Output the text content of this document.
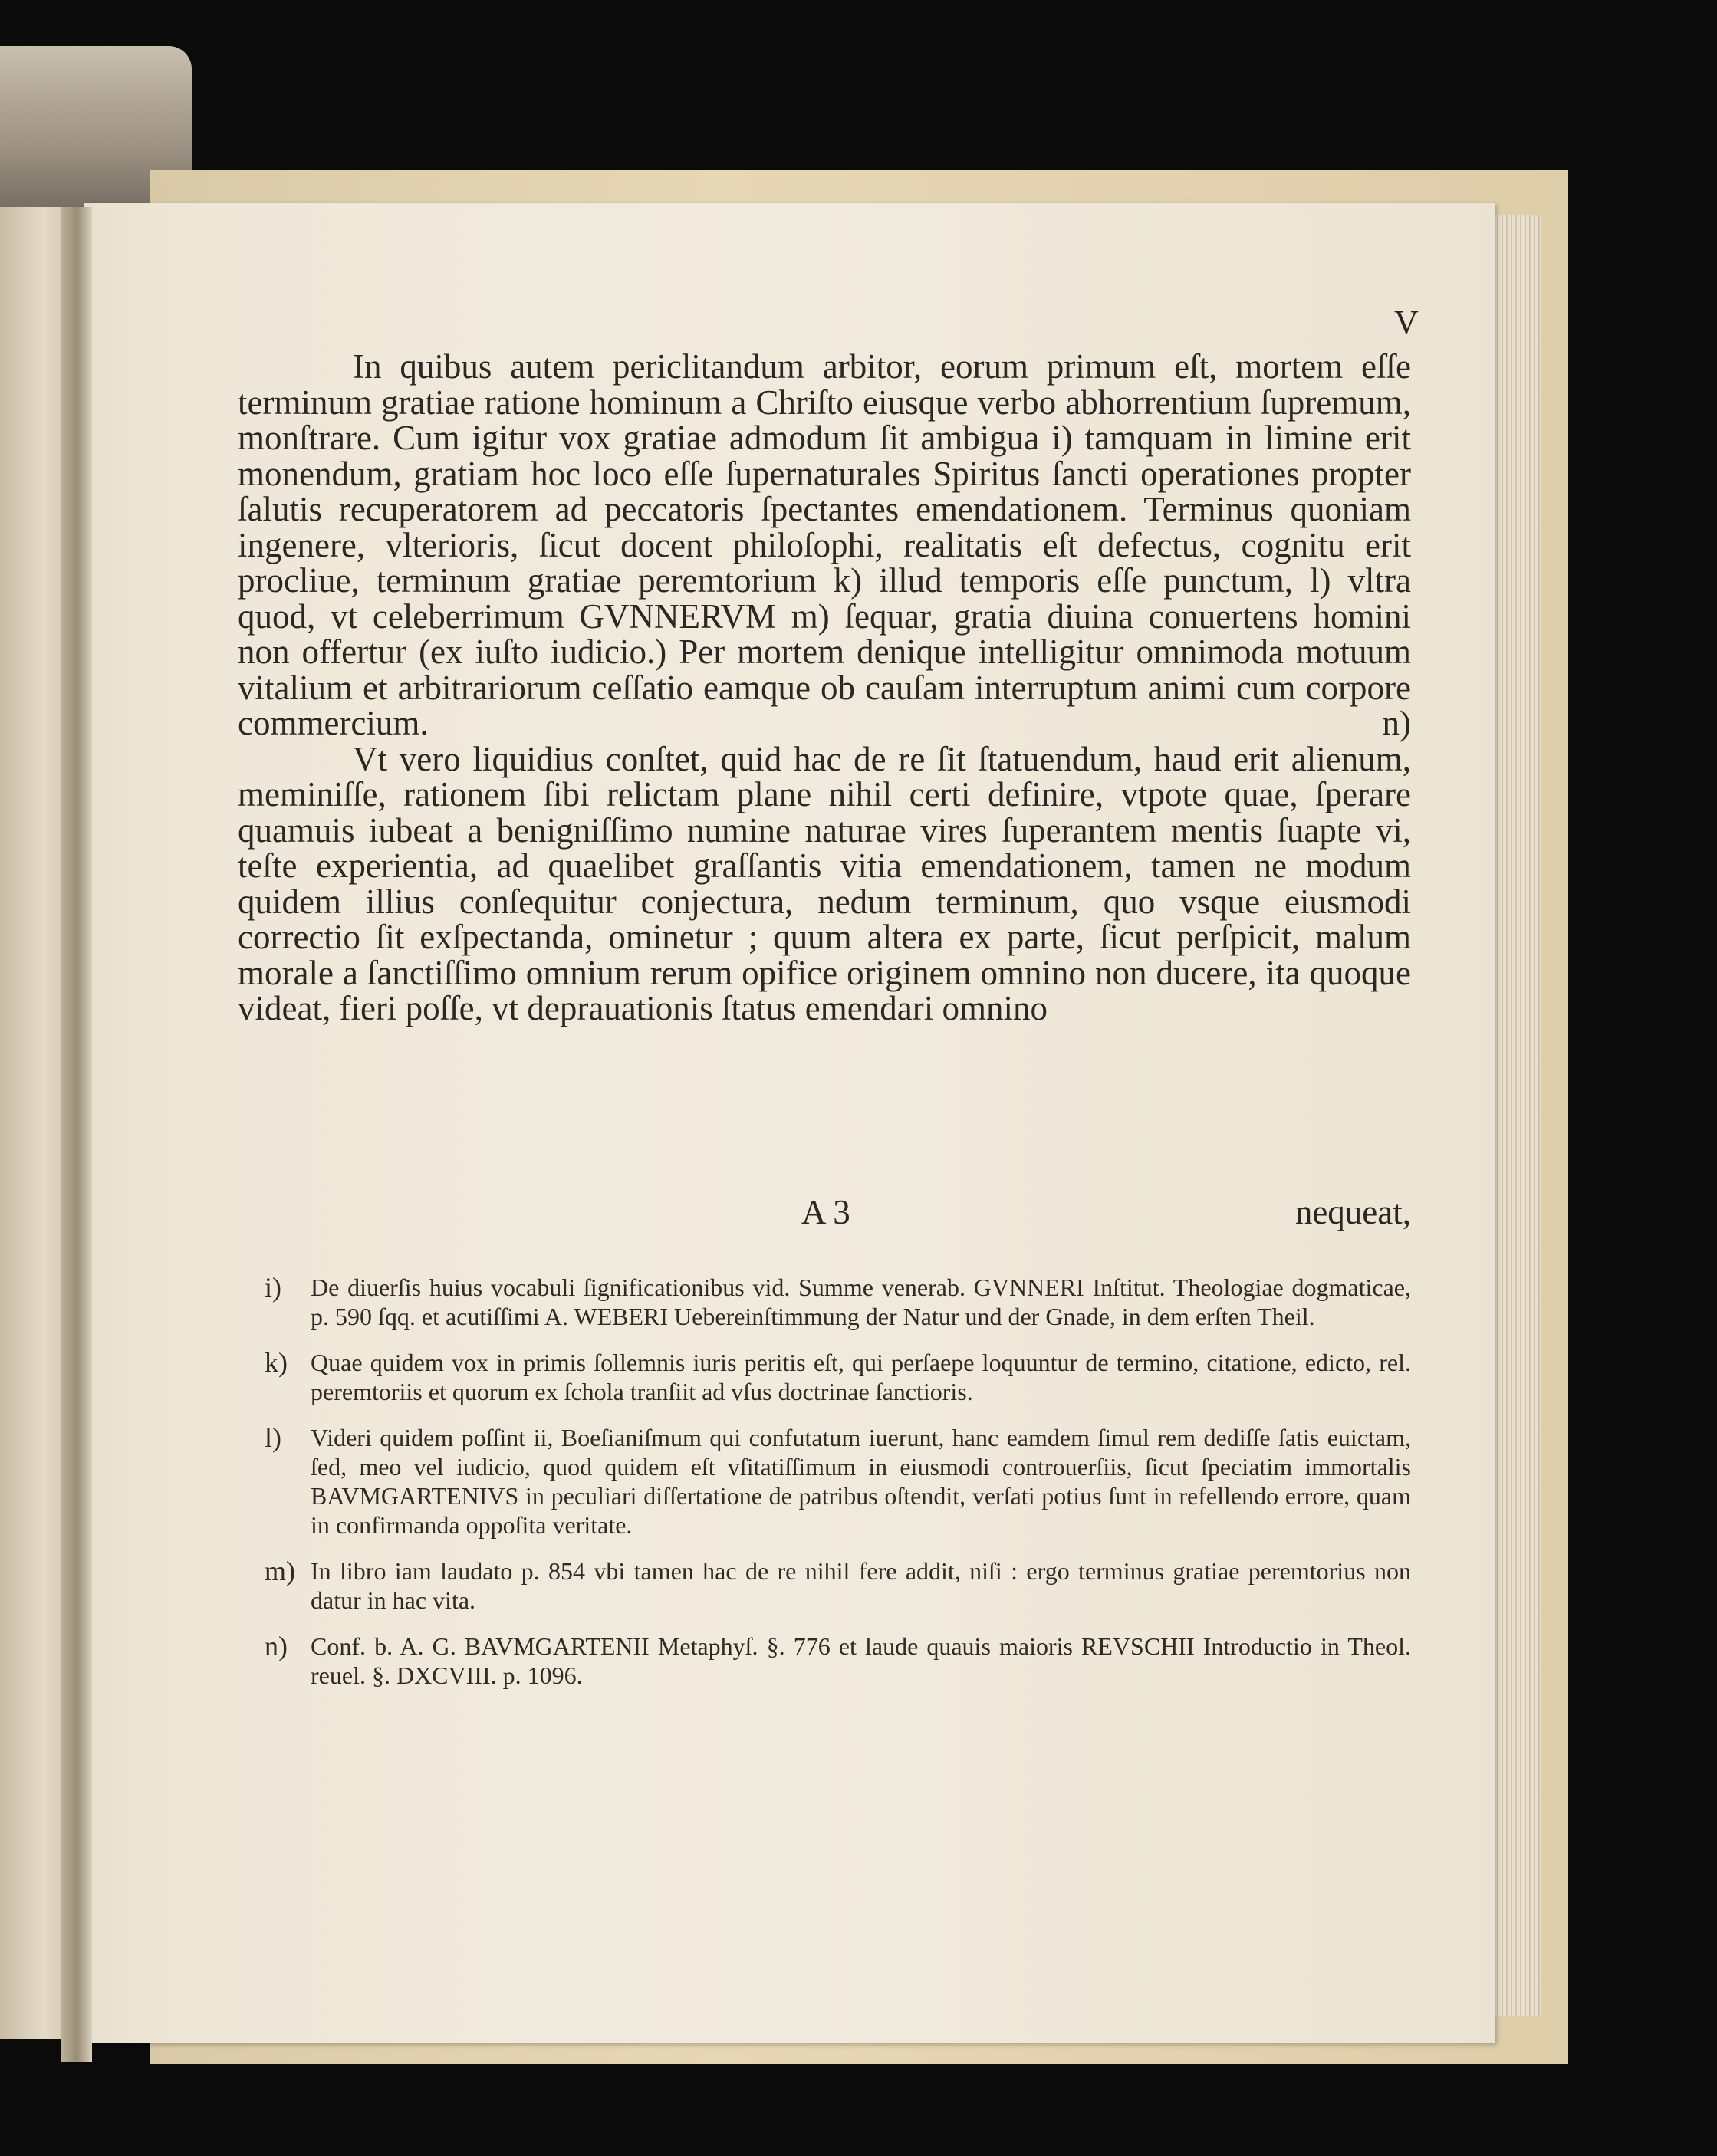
V

In quibus autem periclitandum arbitor, eorum primum eſt, mortem eſſe terminum gratiae ratione hominum a Chriſto eiusque verbo abhorrentium ſupremum, monſtrare. Cum igitur vox gratiae admodum ſit ambigua i) tamquam in limine erit monendum, gratiam hoc loco eſſe ſupernaturales Spiritus ſancti operationes propter ſalutis recuperatorem ad peccatoris ſpectantes emendationem. Terminus quoniam ingenere, vlterioris, ſicut docent philoſophi, realitatis eſt defectus, cognitu erit procliue, terminum gratiae peremtorium k) illud temporis eſſe punctum, l) vltra quod, vt celeberrimum GVNNERVM m) ſequar, gratia diuina conuertens homini non offertur (ex iuſto iudicio.) Per mortem denique intelligitur omnimoda motuum vitalium et arbitrariorum ceſſatio eamque ob cauſam interruptum animi cum corpore commercium. n)

Vt vero liquidius conſtet, quid hac de re ſit ſtatuendum, haud erit alienum, meminiſſe, rationem ſibi relictam plane nihil certi definire, vtpote quae, ſperare quamuis iubeat a benigniſſimo numine naturae vires ſuperantem mentis ſuapte vi, teſte experientia, ad quaelibet graſſantis vitia emendationem, tamen ne modum quidem illius conſequitur conjectura, nedum terminum, quo vsque eiusmodi correctio ſit exſpectanda, ominetur ; quum altera ex parte, ſicut perſpicit, malum morale a ſanctiſſimo omnium rerum opifice originem omnino non ducere, ita quoque videat, fieri poſſe, vt deprauationis ſtatus emendari omnino

A 3	nequeat,
i) De diuerſis huius vocabuli ſignificationibus vid. Summe venerab. GVNNERI Inſtitut. Theologiae dogmaticae, p. 590 ſqq. et acutiſſimi A. WEBERI Uebereinſtimmung der Natur und der Gnade, in dem erſten Theil.
k) Quae quidem vox in primis ſollemnis iuris peritis eſt, qui perſaepe loquuntur de termino, citatione, edicto, rel. peremtoriis et quorum ex ſchola tranſiit ad vſus doctrinae ſanctioris.
l) Videri quidem poſſint ii, Boeſianiſmum qui confutatum iuerunt, hanc eamdem ſimul rem dediſſe ſatis euictam, ſed, meo vel iudicio, quod quidem eſt vſitatiſſimum in eiusmodi controuerſiis, ſicut ſpeciatim immortalis BAVMGARTENIVS in peculiari diſſertatione de patribus oſtendit, verſati potius ſunt in refellendo errore, quam in confirmanda oppoſita veritate.
m) In libro iam laudato p. 854 vbi tamen hac de re nihil fere addit, niſi : ergo terminus gratiae peremtorius non datur in hac vita.
n) Conf. b. A. G. BAVMGARTENII Metaphyſ. §. 776 et laude quauis maioris REVSCHII Introductio in Theol. reuel. §. DXCVIII. p. 1096.
